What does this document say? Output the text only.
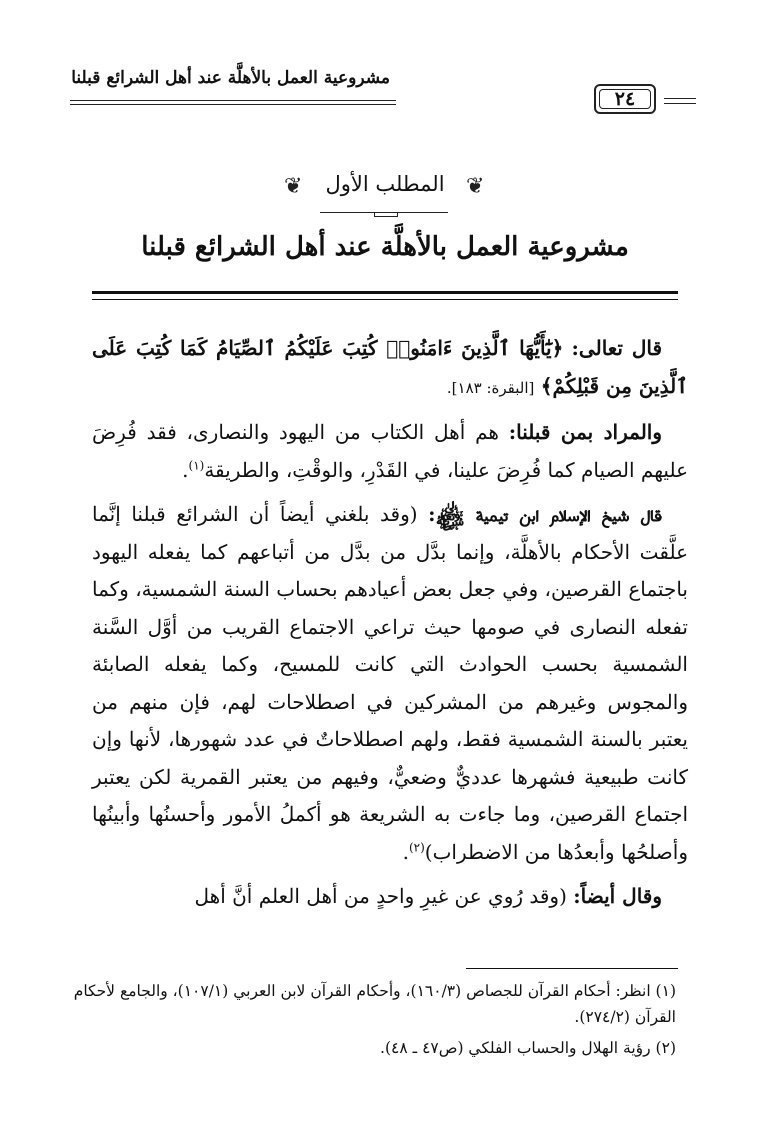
مشروعية العمل بالأهلَّة عند أهل الشرائع قبلنا
٢٤
❦
المطلب الأول
❦
مشروعية العمل بالأهلَّة عند أهل الشرائع قبلنا

قال تعالى: ﴿يَٰٓأَيُّهَا ٱلَّذِينَ ءَامَنُوا۟ كُتِبَ عَلَيْكُمُ ٱلصِّيَامُ كَمَا كُتِبَ عَلَى ٱلَّذِينَ مِن قَبْلِكُمْ﴾ [البقرة: ١٨٣].

والمراد بمن قبلنا: هم أهل الكتاب من اليهود والنصارى، فقد فُرِضَ عليهم الصيام كما فُرِضَ علينا، في القَدْرِ، والوقْتِ، والطريقة$^{(١)}$.

قال شيخ الإسلام ابن تيمية ﷾: (وقد بلغني أيضاً أن الشرائع قبلنا إنَّما علَّقت الأحكام بالأهلَّة، وإنما بدَّل من بدَّل من أتباعهم كما يفعله اليهود باجتماع القرصين، وفي جعل بعض أعيادهم بحساب السنة الشمسية، وكما تفعله النصارى في صومها حيث تراعي الاجتماع القريب من أوَّل السَّنة الشمسية بحسب الحوادث التي كانت للمسيح، وكما يفعله الصابئة والمجوس وغيرهم من المشركين في اصطلاحات لهم، فإن منهم من يعتبر بالسنة الشمسية فقط، ولهم اصطلاحاتٌ في عدد شهورها، لأنها وإن كانت طبيعية فشهرها عدديٌّ وضعيٌّ، وفيهم من يعتبر القمرية لكن يعتبر اجتماع القرصين، وما جاءت به الشريعة هو أكملُ الأمور وأحسنُها وأبينُها وأصلحُها وأبعدُها من الاضطراب)$^{(٢)}$.

وقال أيضاً: (وقد رُوي عن غيرِ واحدٍ من أهل العلم أنَّ أهل

(١) انظر: أحكام القرآن للجصاص (١٦٠/٣)، وأحكام القرآن لابن العربي (١٠٧/١)، والجامع لأحكام القرآن (٢٧٤/٢).

(٢) رؤية الهلال والحساب الفلكي (ص٤٧ ـ ٤٨).
